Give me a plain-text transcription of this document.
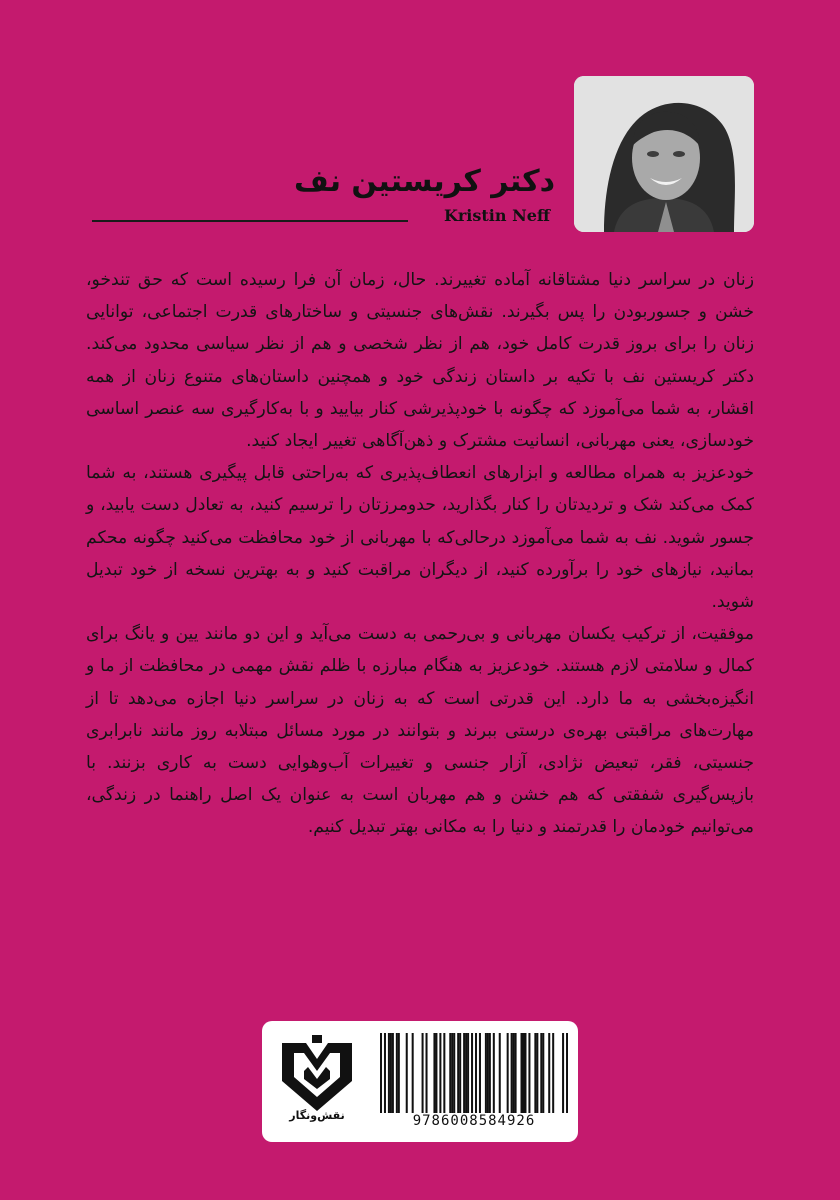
دکتر کریستین نف
Kristin Neff

زنان در سراسر دنیا مشتاقانه آماده تغییرند. حال، زمان آن فرا رسیده است که حق تندخو، خشن و جسوربودن را پس بگیرند. نقش‌های جنسیتی و ساختارهای قدرت اجتماعی، توانایی زنان را برای بروز قدرت کامل خود، هم از نظر شخصی و هم از نظر سیاسی محدود می‌کند. دکتر کریستین نف با تکیه بر داستان زندگی خود و همچنین داستان‌های متنوع زنان از همه اقشار، به شما می‌آموزد که چگونه با خودپذیرشی کنار بیایید و با به‌کارگیری سه عنصر اساسی خودسازی، یعنی مهربانی، انسانیت مشترک و ذهن‌آگاهی تغییر ایجاد کنید.

خودعزیز به همراه مطالعه و ابزارهای انعطاف‌پذیری که به‌راحتی قابل پیگیری هستند، به شما کمک می‌کند شک و تردیدتان را کنار بگذارید، حدومرزتان را ترسیم کنید، به تعادل دست یابید، و جسور شوید. نف به شما می‌آموزد درحالی‌که با مهربانی از خود محافظت می‌کنید چگونه محکم بمانید، نیازهای خود را برآورده کنید، از دیگران مراقبت کنید و به بهترین نسخه از خود تبدیل شوید.

موفقیت، از ترکیب یکسان مهربانی و بی‌رحمی به دست می‌آید و این دو مانند یین و یانگ برای کمال و سلامتی لازم هستند. خودعزیز به هنگام مبارزه با ظلم نقش مهمی در محافظت از ما و انگیزه‌بخشی به ما دارد. این قدرتی است که به زنان در سراسر دنیا اجازه می‌دهد تا از مهارت‌های مراقبتی بهره‌ی درستی ببرند و بتوانند در مورد مسائل مبتلابه روز مانند نابرابری جنسیتی، فقر، تبعیض نژادی، آزار جنسی و تغییرات آب‌وهوایی دست به کاری بزنند. با بازپس‌گیری شفقتی که هم خشن و هم مهربان است به عنوان یک اصل راهنما در زندگی، می‌توانیم خودمان را قدرتمند و دنیا را به مکانی بهتر تبدیل کنیم.

نقش‌ونگار	9786008584926
